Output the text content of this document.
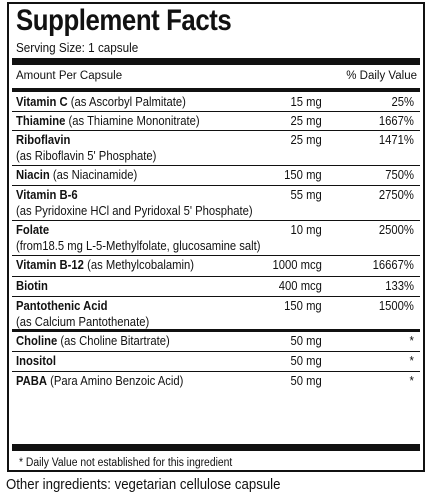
Supplement Facts
Serving Size: 1 capsule
Amount Per Capsule	% Daily Value
Vitamin C (as Ascorbyl Palmitate)	15 mg	25%
Thiamine (as Thiamine Mononitrate)	25 mg	1667%
Riboflavin
(as Riboflavin 5' Phosphate)
25 mg	1471%
Niacin (as Niacinamide)	150 mg	750%
Vitamin B-6
(as Pyridoxine HCl and Pyridoxal 5' Phosphate)
55 mg	2750%
Folate
(from18.5 mg L-5-Methylfolate, glucosamine salt)
10 mg	2500%
Vitamin B-12 (as Methylcobalamin)	1000 mcg	16667%
Biotin	400 mcg	133%
Pantothenic Acid
(as Calcium Pantothenate)
150 mg	1500%
Choline (as Choline Bitartrate)	50 mg	*
Inositol	50 mg	*
PABA (Para Amino Benzoic Acid)	50 mg	*
* Daily Value not established for this ingredient
Other ingredients: vegetarian cellulose capsule
